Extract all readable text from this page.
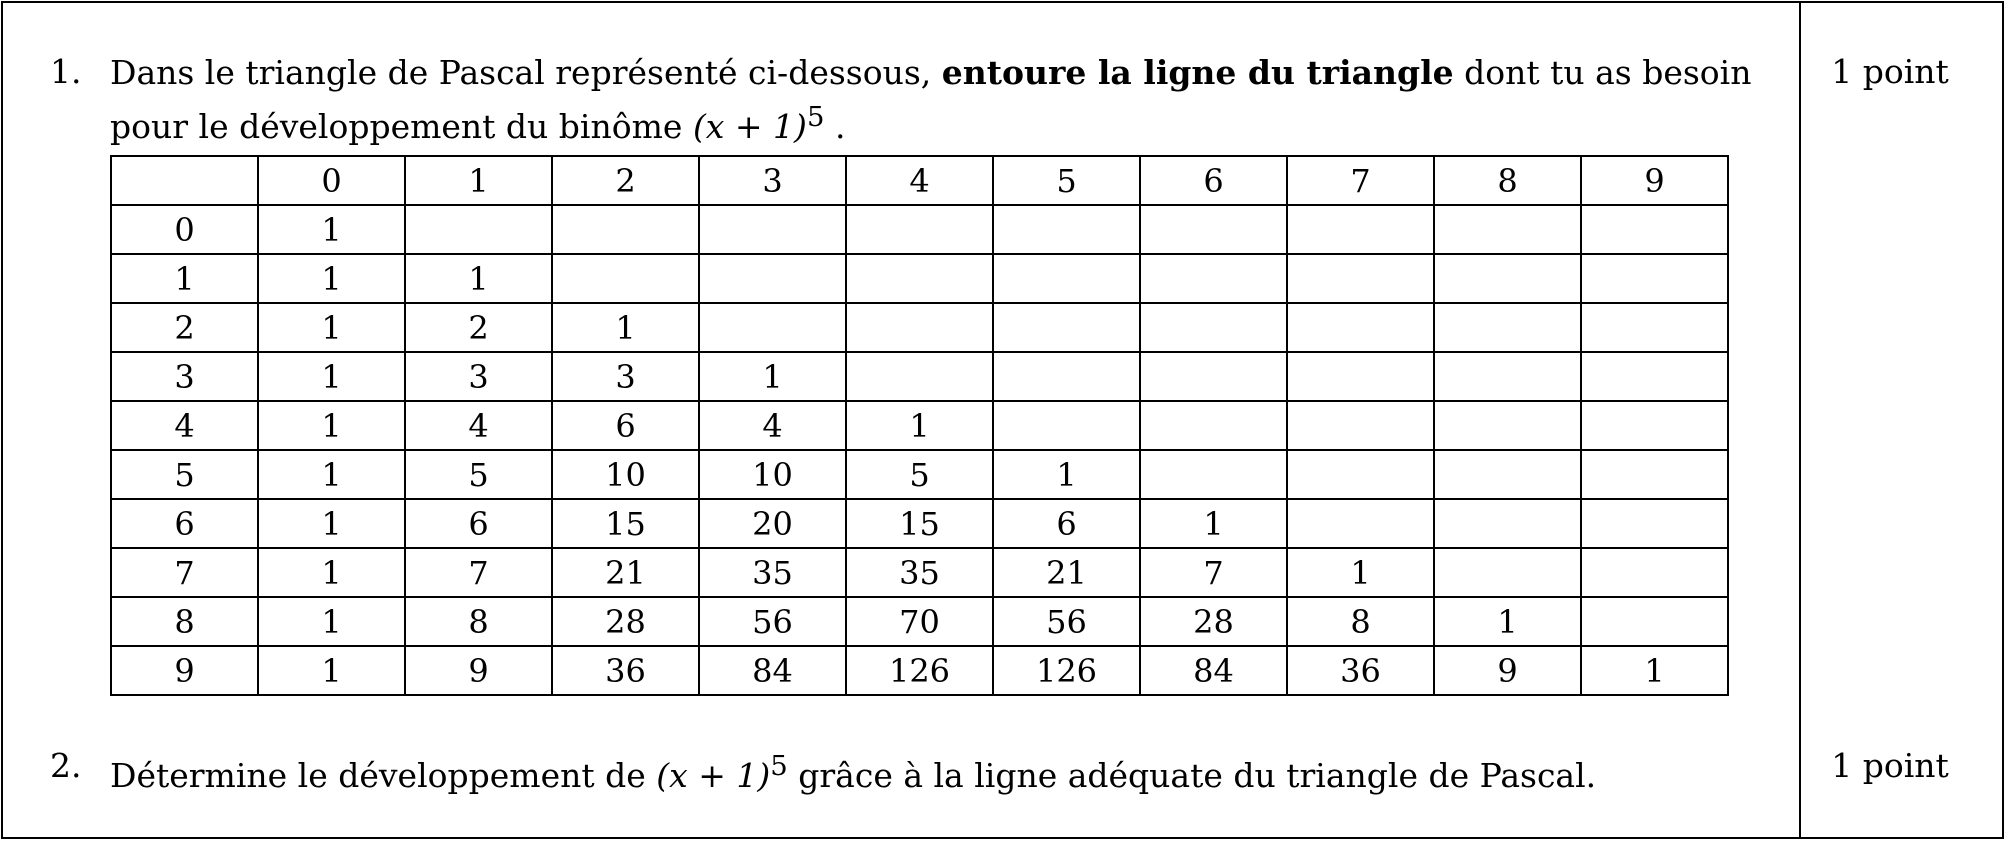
1. Dans le triangle de Pascal représenté ci-dessous, entoure la ligne du triangle dont tu as besoin pour le développement du binôme $(x + 1)^5$ .
1 point
	0	1	2	3	4	5	6	7	8	9
0	1									
1	1	1								
2	1	2	1							
3	1	3	3	1						
4	1	4	6	4	1					
5	1	5	10	10	5	1				
6	1	6	15	20	15	6	1			
7	1	7	21	35	35	21	7	1		
8	1	8	28	56	70	56	28	8	1	
9	1	9	36	84	126	126	84	36	9	1
2. Détermine le développement de $(x + 1)^5$ grâce à la ligne adéquate du triangle de Pascal.	1 point
